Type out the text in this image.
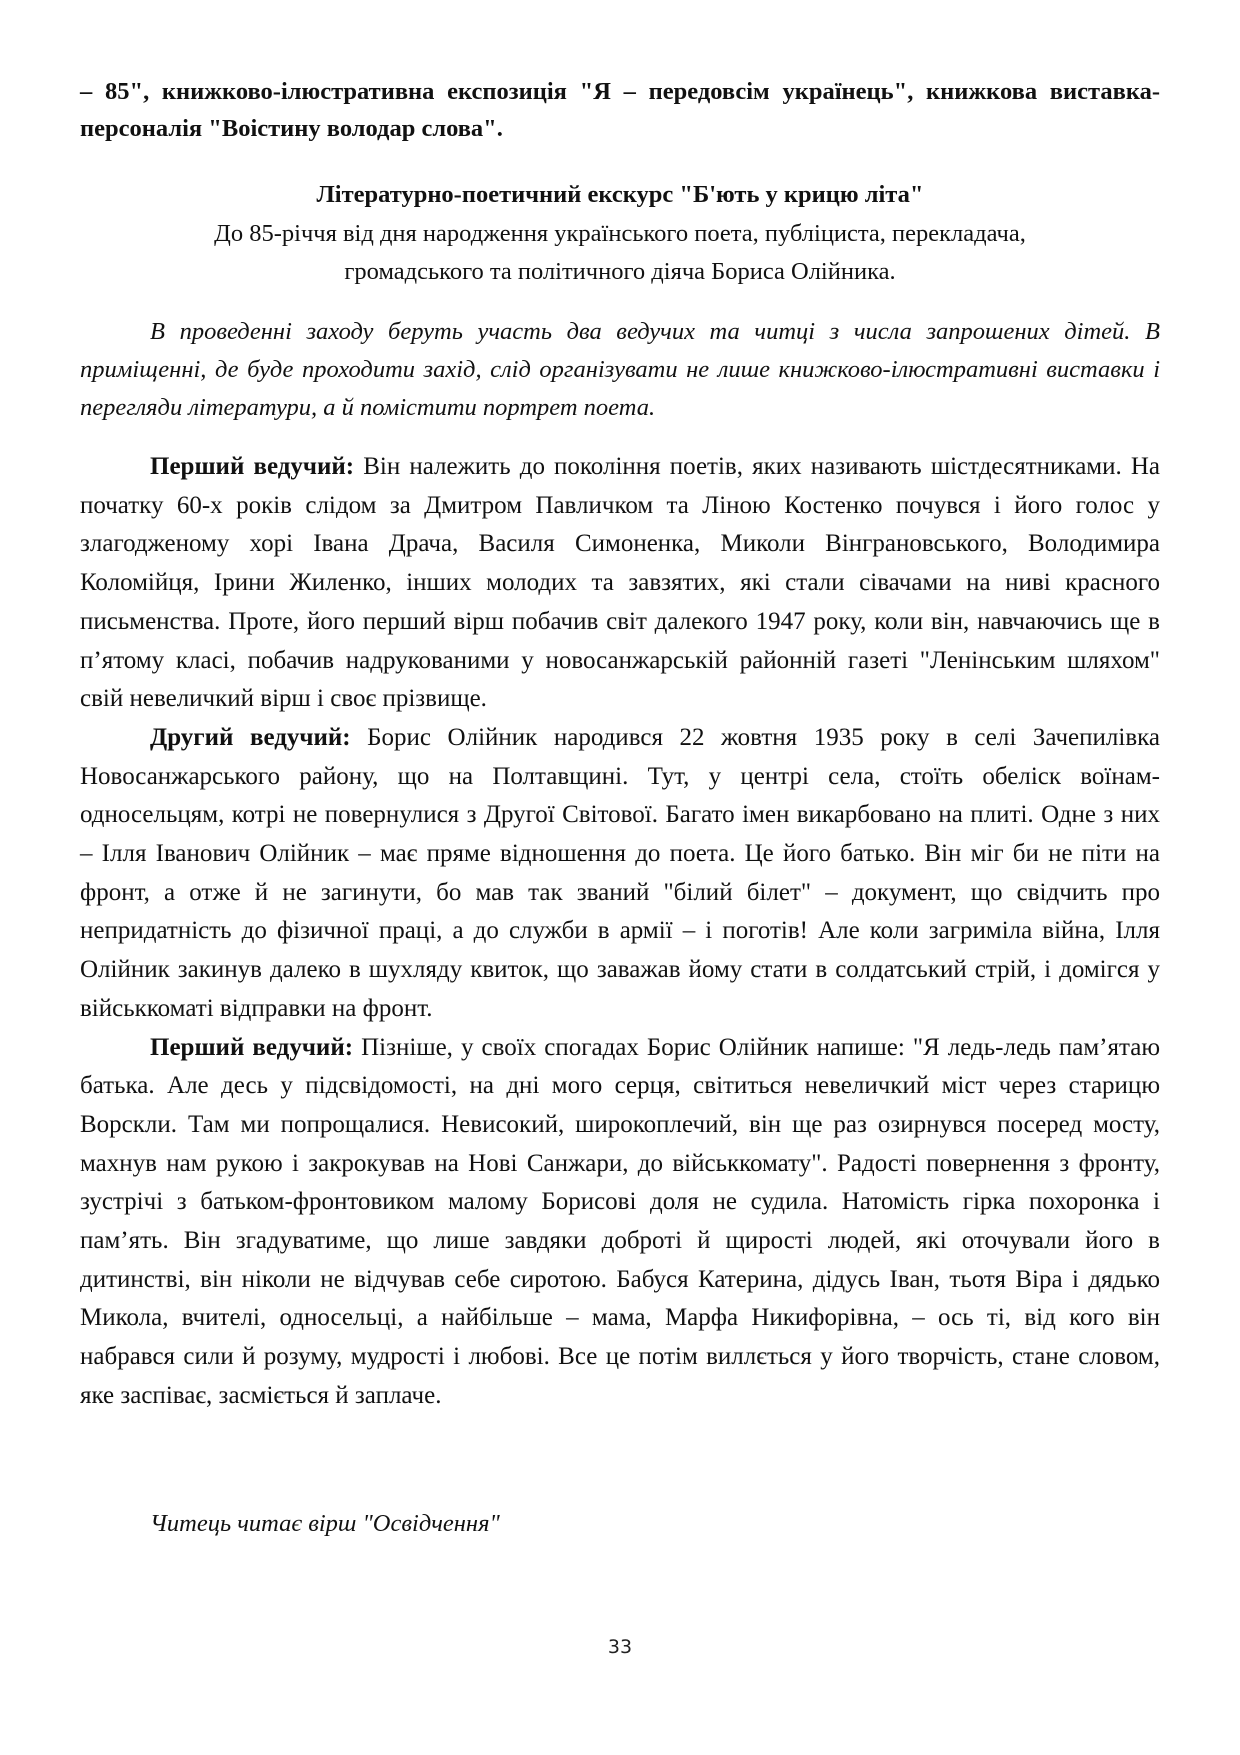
– 85", книжково-ілюстративна експозиція "Я – передовсім українець", книжкова виставка-персоналія "Воістину володар слова".

Літературно-поетичний екскурс "Б'ють у крицю літа"

До 85-річчя від дня народження українського поета, публіциста, перекладача,
громадського та політичного діяча Бориса Олійника.

В проведенні заходу беруть участь два ведучих та читці з числа запрошених дітей. В приміщенні, де буде проходити захід, слід організувати не лише книжково-ілюстративні виставки і перегляди літератури, а й помістити портрет поета.

Перший ведучий: Він належить до покоління поетів, яких називають шістдесятниками. На початку 60-х років слідом за Дмитром Павличком та Ліною Костенко почувся і його голос у злагодженому хорі Івана Драча, Василя Симоненка, Миколи Вінграновського, Володимира Коломійця, Ірини Жиленко, інших молодих та завзятих, які стали сівачами на ниві красного письменства. Проте, його перший вірш побачив світ далекого 1947 року, коли він, навчаючись ще в п’ятому класі, побачив надрукованими у новосанжарській районній газеті "Ленінським шляхом" свій невеличкий вірш і своє прізвище.

Другий ведучий: Борис Олійник народився 22 жовтня 1935 року в селі Зачепилівка Новосанжарського району, що на Полтавщині. Тут, у центрі села, стоїть обеліск воїнам-односельцям, котрі не повернулися з Другої Світової. Багато імен викарбовано на плиті. Одне з них – Ілля Іванович Олійник – має пряме відношення до поета. Це його батько. Він міг би не піти на фронт, а отже й не загинути, бо мав так званий "білий білет" – документ, що свідчить про непридатність до фізичної праці, а до служби в армії – і поготів! Але коли загриміла війна, Ілля Олійник закинув далеко в шухляду квиток, що заважав йому стати в солдатський стрій, і домігся у військкоматі відправки на фронт.

Перший ведучий: Пізніше, у своїх спогадах Борис Олійник напише: "Я ледь-ледь пам’ятаю батька. Але десь у підсвідомості, на дні мого серця, світиться невеличкий міст через старицю Ворскли. Там ми попрощалися. Невисокий, широкоплечий, він ще раз озирнувся посеред мосту, махнув нам рукою і закрокував на Нові Санжари, до військкомату". Радості повернення з фронту, зустрічі з батьком-фронтовиком малому Борисові доля не судила. Натомість гірка похоронка і пам’ять. Він згадуватиме, що лише завдяки доброті й щирості людей, які оточували його в дитинстві, він ніколи не відчував себе сиротою. Бабуся Катерина, дідусь Іван, тьотя Віра і дядько Микола, вчителі, односельці, а найбільше – мама, Марфа Никифорівна, – ось ті, від кого він набрався сили й розуму, мудрості і любові. Все це потім виллється у його творчість, стане словом, яке заспіває, засміється й заплаче.

Читець читає вірш "Освідчення"

33
